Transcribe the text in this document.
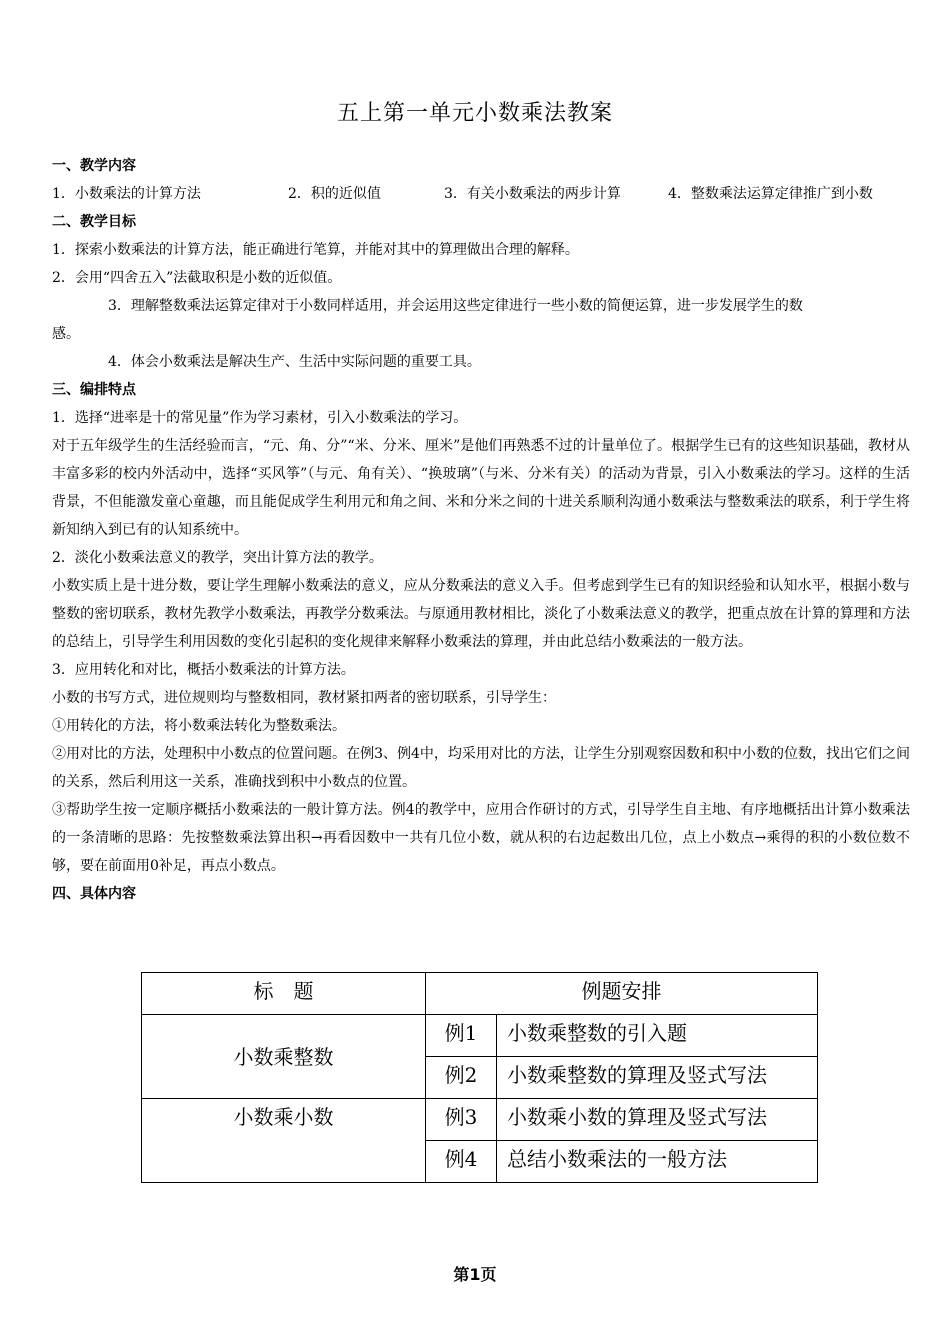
五上第一单元小数乘法教案

一、教学内容

1．小数乘法的计算方法	2．积的近似值	3．有关小数乘法的两步计算	4．整数乘法运算定律推广到小数

二、教学目标

1．探索小数乘法的计算方法，能正确进行笔算，并能对其中的算理做出合理的解释。

2．会用“四舍五入”法截取积是小数的近似值。

3．理解整数乘法运算定律对于小数同样适用，并会运用这些定律进行一些小数的简便运算，进一步发展学生的数

感。

4．体会小数乘法是解决生产、生活中实际问题的重要工具。

三、编排特点

1．选择“进率是十的常见量”作为学习素材，引入小数乘法的学习。

对于五年级学生的生活经验而言，“元、角、分”“米、分米、厘米”是他们再熟悉不过的计量单位了。根据学生已有的这些知识基础，教材从丰富多彩的校内外活动中，选择“买风筝”（与元、角有关）、“换玻璃”（与米、分米有关）的活动为背景，引入小数乘法的学习。这样的生活背景，不但能激发童心童趣，而且能促成学生利用元和角之间、米和分米之间的十进关系顺利沟通小数乘法与整数乘法的联系，利于学生将新知纳入到已有的认知系统中。

2．淡化小数乘法意义的教学，突出计算方法的教学。

小数实质上是十进分数，要让学生理解小数乘法的意义，应从分数乘法的意义入手。但考虑到学生已有的知识经验和认知水平，根据小数与整数的密切联系，教材先教学小数乘法，再教学分数乘法。与原通用教材相比，淡化了小数乘法意义的教学，把重点放在计算的算理和方法的总结上，引导学生利用因数的变化引起积的变化规律来解释小数乘法的算理，并由此总结小数乘法的一般方法。

3．应用转化和对比，概括小数乘法的计算方法。

小数的书写方式，进位规则均与整数相同，教材紧扣两者的密切联系，引导学生：

①用转化的方法，将小数乘法转化为整数乘法。

②用对比的方法，处理积中小数点的位置问题。在例3、例4中，均采用对比的方法，让学生分别观察因数和积中小数的位数，找出它们之间的关系，然后利用这一关系，准确找到积中小数点的位置。

③帮助学生按一定顺序概括小数乘法的一般计算方法。例4的教学中，应用合作研讨的方式，引导学生自主地、有序地概括出计算小数乘法的一条清晰的思路：先按整数乘法算出积→再看因数中一共有几位小数，就从积的右边起数出几位，点上小数点→乘得的积的小数位数不够，要在前面用0补足，再点小数点。

四、具体内容

标　题	例题安排	
小数乘整数	例1	小数乘整数的引入题
	例2	小数乘整数的算理及竖式写法
小数乘小数	例3	小数乘小数的算理及竖式写法
	例4	总结小数乘法的一般方法
第1页
